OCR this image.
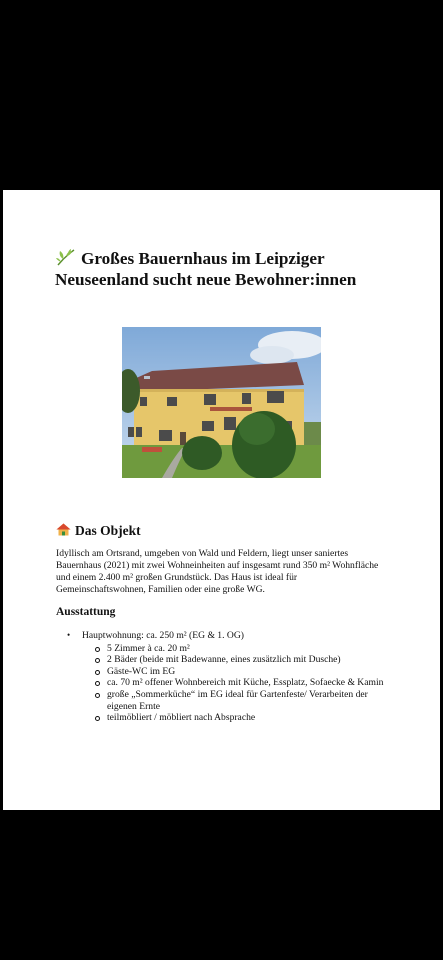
Großes Bauernhaus im Leipziger Neuseenland sucht neue Bewohner:innen
Das Objekt
Idyllisch am Ortsrand, umgeben von Wald und Feldern, liegt unser saniertes Bauernhaus (2021) mit zwei Wohneinheiten auf insgesamt rund 350 m² Wohnfläche und einem 2.400 m² großen Grundstück. Das Haus ist ideal für Gemeinschaftswohnen, Familien oder eine große WG.
Ausstattung
• Hauptwohnung: ca. 250 m² (EG & 1. OG)
5 Zimmer à ca. 20 m²
2 Bäder (beide mit Badewanne, eines zusätzlich mit Dusche)
Gäste-WC im EG
ca. 70 m² offener Wohnbereich mit Küche, Essplatz, Sofaecke & Kamin
große „Sommerküche“ im EG ideal für Gartenfeste/ Verarbeiten der eigenen Ernte
teilmöbliert / möbliert nach Absprache
